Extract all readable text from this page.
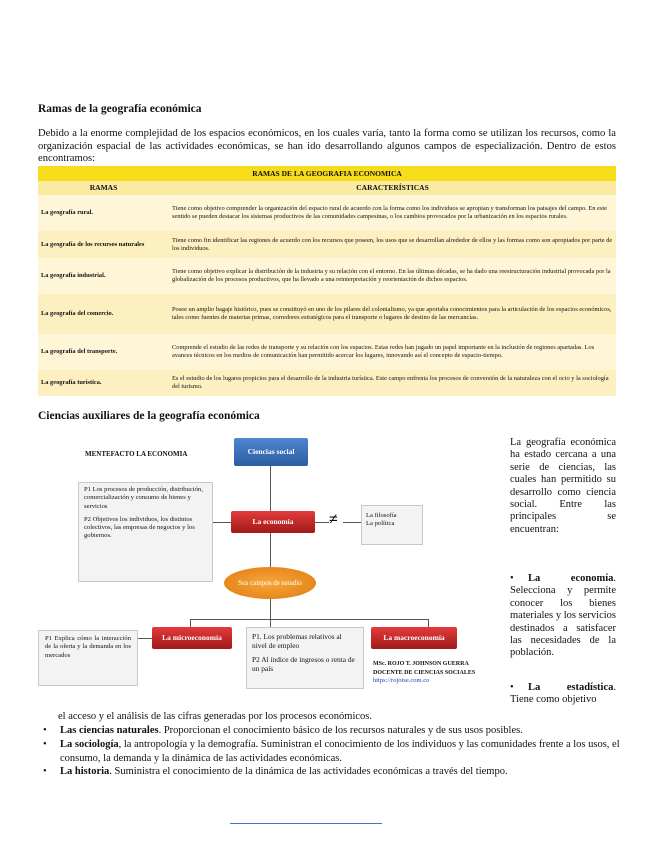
Ramas de la geografía económica
Debido a la enorme complejidad de los espacios económicos, en los cuales varía, tanto la forma como se utilizan los recursos, como la organización espacial de las actividades económicas, se han ido desarrollando algunos campos de especialización. Dentro de estos encontramos:
RAMAS DE LA GEOGRAFIA ECONOMICA	
RAMAS	CARACTERÍSTICAS
La geografía rural.	Tiene como objetivo comprender la organización del espacio rural de acuerdo con la forma como los individuos se apropian y transforman los paisajes del campo. En este sentido se pueden destacar los sistemas productivos de las comunidades campesinas, o los cambios provocados por la urbanización en los espacios rurales.
La geografía de los recursos naturales	Tiene como fin identificar las regiones de acuerdo con los recursos que poseen, los usos que se desarrollan alrededor de ellos y las formas como son apropiados por parte de los individuos.
La geografía industrial.	Tiene como objetivo explicar la distribución de la industria y su relación con el entorno. En las últimas décadas, se ha dado una reestructuración industrial provocada por la globalización de los procesos productivos, que ha llevado a una reinterpretación y reorientación de dichos espacios.
La geografía del comercio.	Posee un amplio bagaje histórico, pues se constituyó en uno de los pilares del colonialismo, ya que aportaba conocimientos para la articulación de los espacios económicos, tales como fuentes de materias primas, corredores estratégicos para el transporte o lugares de destino de las mercancías.
La geografía del transporte.	Comprende el estudio de las redes de transporte y su relación con los espacios. Estas redes han jugado un papel importante en la inclusión de regiones apartadas. Los avances técnicos en los medios de comunicación han permitido acercar los lugares, innovando así el concepto de espacio-tiempo.
La geografía turística.	Es el estudio de los lugares propicios para el desarrollo de la industria turística. Este campo enfrenta los procesos de conversión de la naturaleza con el ocio y la sociología del turismo.
Ciencias auxiliares de la geografía económica
MENTEFACTO LA ECONOMIA	Ciencias social
P1 Los procesos de producción, distribución, comercialización y consumo de bienes y servicios
P2 Objetivos los individuos, los distintos colectivos, las empresas de negocios y los gobiernos.
La economía	≠	La filosofía
La política
Sus campos de estudio
La microeconomía	La macroeconomía
P1 Explica cómo la interacción de la oferta y la demanda en los mercados
P1. Los problemas relativos al nivel de empleo
P2 Al índice de ingresos o renta de un país	MSc. ROJO T. JOHNSON GUERRA
DOCENTE DE CIENCIAS SOCIALES
https://rojotse.com.co
La geografía económica ha estado cercana a una serie de ciencias, las cuales han permitido su desarrollo como ciencia social. Entre las principales se encuentran:
• La economía. Selecciona y permite conocer los bienes materiales y los servicios destinados a satisfacer las necesidades de la población.
• La estadística. Tiene como objetivo
el acceso y el análisis de las cifras generadas por los procesos económicos.
• Las ciencias naturales. Proporcionan el conocimiento básico de los recursos naturales y de sus usos posibles.
• La sociología, la antropología y la demografía. Suministran el conocimiento de los individuos y las comunidades frente a los usos, el consumo, la demanda y la dinámica de las actividades económicas.
• La historia. Suministra el conocimiento de la dinámica de las actividades económicas a través del tiempo.
